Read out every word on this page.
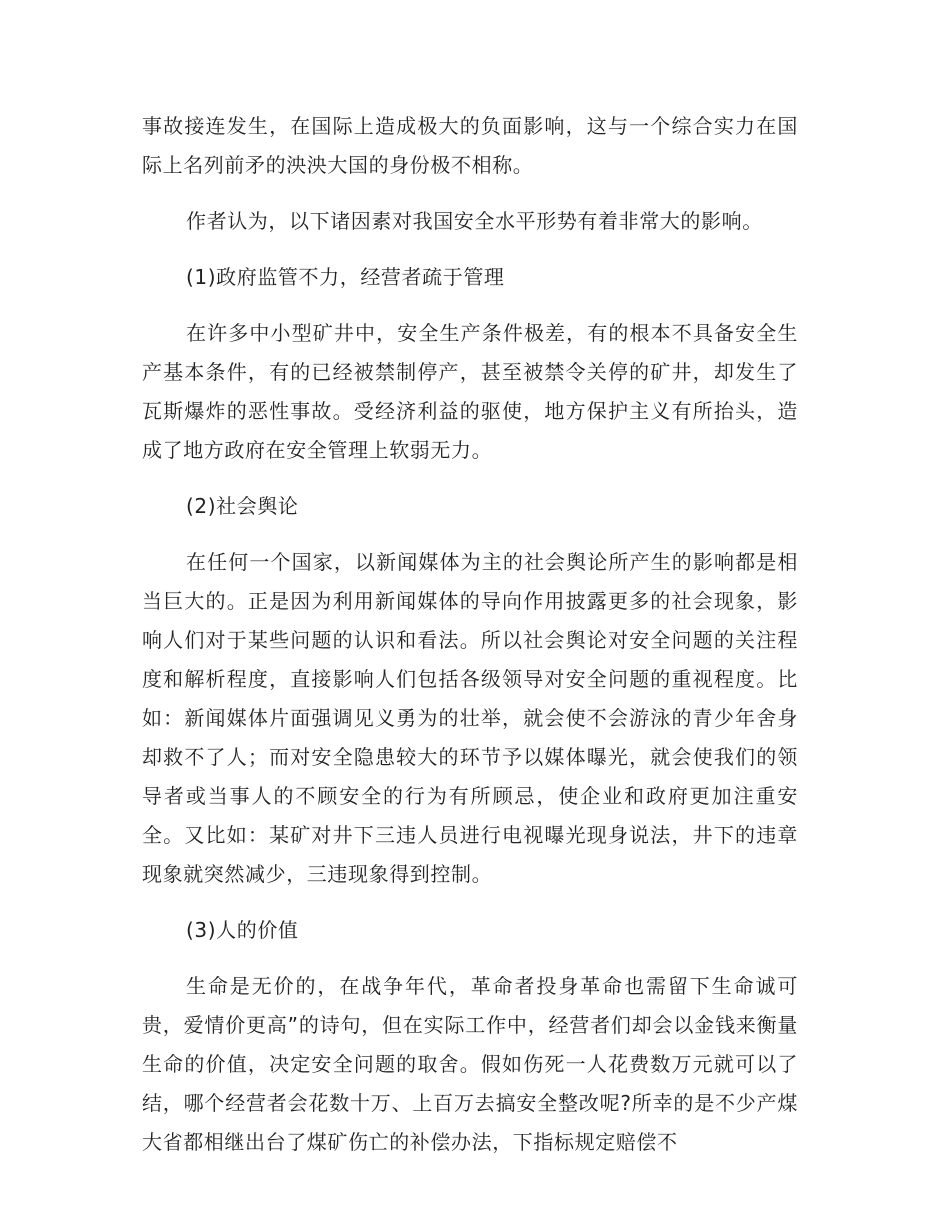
事故接连发生，在国际上造成极大的负面影响，这与一个综合实力在国际上名列前矛的泱泱大国的身份极不相称。

作者认为，以下诸因素对我国安全水平形势有着非常大的影响。

(1)政府监管不力，经营者疏于管理

在许多中小型矿井中，安全生产条件极差，有的根本不具备安全生产基本条件，有的已经被禁制停产，甚至被禁令关停的矿井，却发生了瓦斯爆炸的恶性事故。受经济利益的驱使，地方保护主义有所抬头，造成了地方政府在安全管理上软弱无力。

(2)社会舆论

在任何一个国家，以新闻媒体为主的社会舆论所产生的影响都是相当巨大的。正是因为利用新闻媒体的导向作用披露更多的社会现象，影响人们对于某些问题的认识和看法。所以社会舆论对安全问题的关注程度和解析程度，直接影响人们包括各级领导对安全问题的重视程度。比如：新闻媒体片面强调见义勇为的壮举，就会使不会游泳的青少年舍身却救不了人；而对安全隐患较大的环节予以媒体曝光，就会使我们的领导者或当事人的不顾安全的行为有所顾忌，使企业和政府更加注重安全。又比如：某矿对井下三违人员进行电视曝光现身说法，井下的违章现象就突然减少，三违现象得到控制。

(3)人的价值

生命是无价的，在战争年代，革命者投身革命也需留下生命诚可贵，爱情价更高”的诗句，但在实际工作中，经营者们却会以金钱来衡量生命的价值，决定安全问题的取舍。假如伤死一人花费数万元就可以了结，哪个经营者会花数十万、上百万去搞安全整改呢?所幸的是不少产煤大省都相继出台了煤矿伤亡的补偿办法，下指标规定赔偿不
